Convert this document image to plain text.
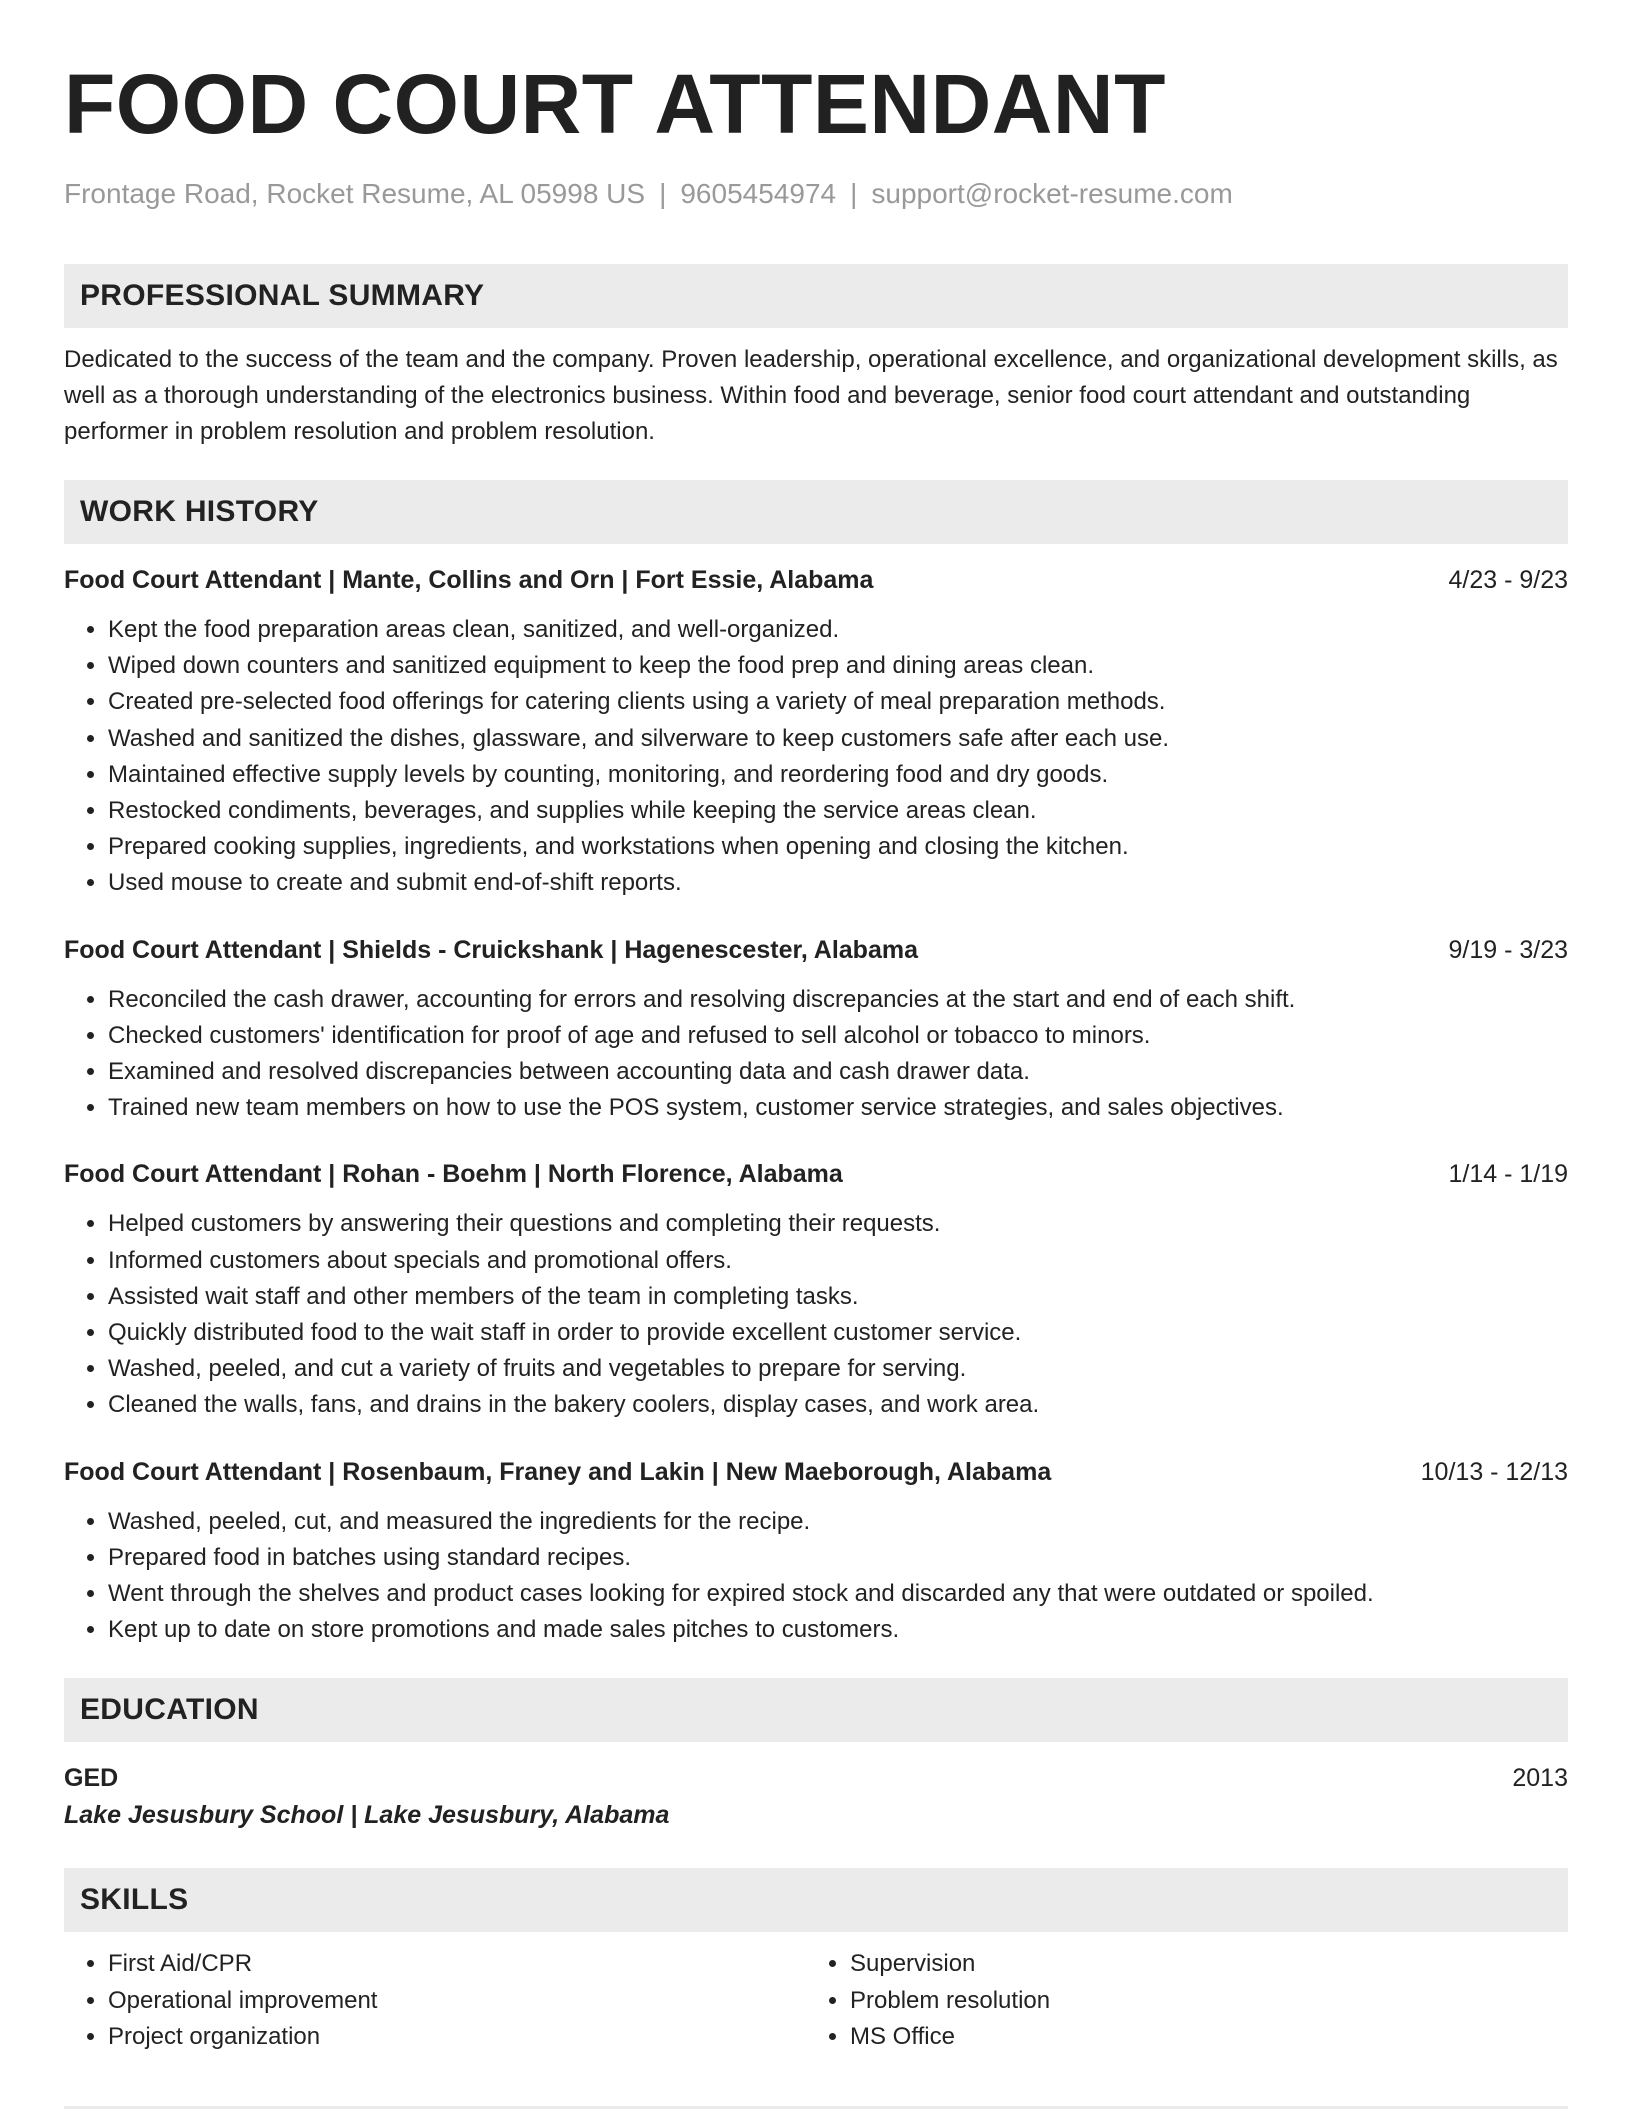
FOOD COURT ATTENDANT
Frontage Road, Rocket Resume, AL 05998 US | 9605454974 | support@rocket-resume.com
PROFESSIONAL SUMMARY

Dedicated to the success of the team and the company. Proven leadership, operational excellence, and organizational development skills, as well as a thorough understanding of the electronics business. Within food and beverage, senior food court attendant and outstanding performer in problem resolution and problem resolution.

WORK HISTORY
Food Court Attendant | Mante, Collins and Orn | Fort Essie, Alabama	4/23 - 9/23
• Kept the food preparation areas clean, sanitized, and well-organized.
• Wiped down counters and sanitized equipment to keep the food prep and dining areas clean.
• Created pre-selected food offerings for catering clients using a variety of meal preparation methods.
• Washed and sanitized the dishes, glassware, and silverware to keep customers safe after each use.
• Maintained effective supply levels by counting, monitoring, and reordering food and dry goods.
• Restocked condiments, beverages, and supplies while keeping the service areas clean.
• Prepared cooking supplies, ingredients, and workstations when opening and closing the kitchen.
• Used mouse to create and submit end-of-shift reports.
Food Court Attendant | Shields - Cruickshank | Hagenescester, Alabama	9/19 - 3/23
• Reconciled the cash drawer, accounting for errors and resolving discrepancies at the start and end of each shift.
• Checked customers' identification for proof of age and refused to sell alcohol or tobacco to minors.
• Examined and resolved discrepancies between accounting data and cash drawer data.
• Trained new team members on how to use the POS system, customer service strategies, and sales objectives.
Food Court Attendant | Rohan - Boehm | North Florence, Alabama	1/14 - 1/19
• Helped customers by answering their questions and completing their requests.
• Informed customers about specials and promotional offers.
• Assisted wait staff and other members of the team in completing tasks.
• Quickly distributed food to the wait staff in order to provide excellent customer service.
• Washed, peeled, and cut a variety of fruits and vegetables to prepare for serving.
• Cleaned the walls, fans, and drains in the bakery coolers, display cases, and work area.
Food Court Attendant | Rosenbaum, Franey and Lakin | New Maeborough, Alabama	10/13 - 12/13
• Washed, peeled, cut, and measured the ingredients for the recipe.
• Prepared food in batches using standard recipes.
• Went through the shelves and product cases looking for expired stock and discarded any that were outdated or spoiled.
• Kept up to date on store promotions and made sales pitches to customers.
EDUCATION
GED	2013
Lake Jesusbury School | Lake Jesusbury, Alabama
SKILLS
• First Aid/CPR
• Operational improvement
• Project organization
• Supervision
• Problem resolution
• MS Office
